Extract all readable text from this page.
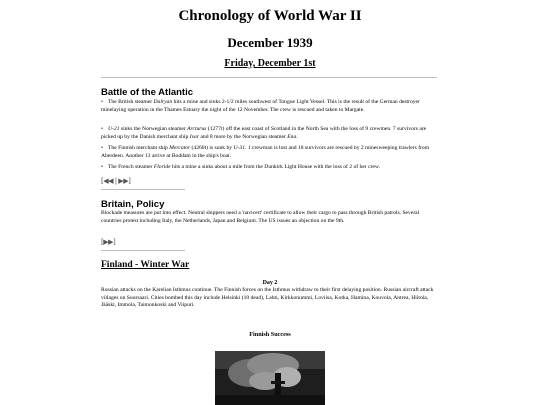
Chronology of World War II
December 1939
Friday, December 1st
Battle of the Atlantic
• The British steamer Dalryan hits a mine and sinks 2-1/2 miles southwest of Tongue Light Vessel. This is the result of the German destroyer minelaying operation in the Thames Estuary the night of the 12 November. The crew is rescued and taken to Margate.
• U-21 sinks the Norwegian steamer Arcturus (1277t) off the east coast of Scotland in the North Sea with the loss of 9 crewmen. 7 survivors are picked up by the Danish merchant ship Ivar and 8 more by the Norwegian steamer Ena.
• The Finnish merchant ship Mercator (4260t) is sunk by U-31. 1 crewman is lost and 18 survivors are rescued by 2 minesweeping trawlers from Aberdeen. Another 13 arrive at Boddam in the ship's boat.
• The French steamer Floride hits a mine a sinks about a mile from the Dunkirk Light House with the loss of 2 of her crew.
[◀◀ | ▶▶]
Britain, Policy
Blockade measures are put into effect. Neutral shippers need a 'navicert' certificate to allow their cargo to pass through British patrols. Several countries protest including Italy, the Netherlands, Japan and Belgium. The US issues an objection on the 9th.
[▶▶]
Finland - Winter War
Day 2
Russian attacks on the Karelian Isthmus continue. The Finnish forces on the Isthmus withdraw to their first delaying position. Russian aircraft attack villages on Suursaari. Cities bombed this day include Helsinki (10 dead), Lahti, Kirkkonummi, Loviisa, Kotka, Hamina, Kouvola, Antrea, Hiitola, Jääski, Immola, Taimonkoski and Viipuri.
Finnish Success
